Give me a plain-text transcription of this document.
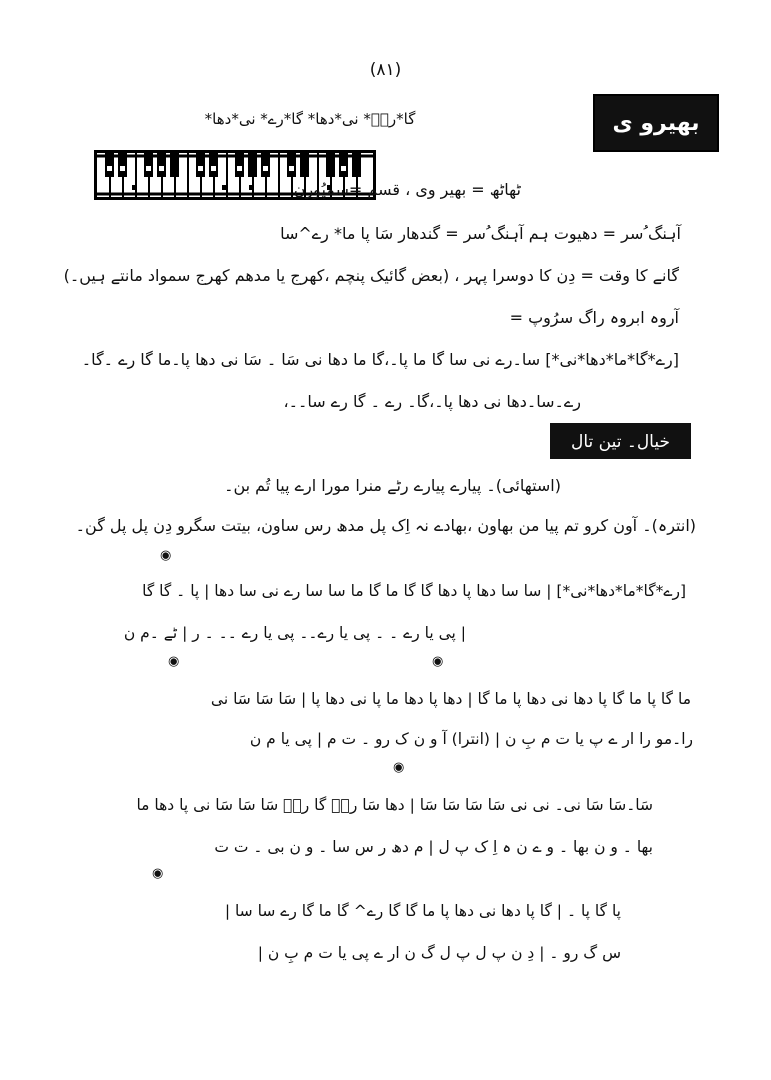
(۸۱)
بھیرو ی
گا*رےؔ* نی*دھا* گا*رے* نی*دھا*
ٹھاٹھ = بھیر وی ، قسم =سمپُورن
آہنگ ُسر = دھیوت ہم آہنگ ُسر = گندھار سَا پا ما* رے^سا
گانے کا وقت = دِن کا دوسرا پہر ، (بعض گائیک پنچم ،کھرج یا مدھم کھرج سمواد مانتے ہیں۔)
آروہ ابروہ راگ سرُوپ =
[رے*گا*ما*دھا*نی*] سا۔رے نی سا گا ما پا۔،گا ما دھا نی سَا ۔ سَا نی دھا پا۔ما گا رے ۔گا۔
رے۔سا۔دھا نی دھا پا۔،گا۔ رے ۔ گا رے سا۔۔،
خیال۔ تین تال
(استھائی)۔ پیارے پیارے رٹے منرا مورا ارے پیا تُم بن۔
(انترہ)۔ آون کرو تم پیا من بھاون ،بھادے نہ اِک پل مدھ رس ساون، بیتت سگرو دِن پل پل گن۔
◉
[رے*گا*ما*دھا*نی*] | سا سا دھا پا دھا گا گا ما گا ما سا سا رے نی سا دھا | پا ۔ گا گا
| پی یا رے ۔ ۔ پی یا رے۔۔ پی یا رے ۔۔ ۔ ر | ٹے ۔م ن
◉	◉
ما گا پا ما گا پا دھا نی دھا پا ما گا | دھا پا دھا ما پا نی دھا پا | سَا سَا سَا نی
را۔مو را ار ے پ یا ت م بِ ن | (انترا) آ و ن ک رو ۔ ت م | پی یا م ن
◉
سَا۔سَا سَا نی۔ نی نی سَا سَا سَا سَا | دھا سَا رےؔ گا رےؔ سَا سَا سَا نی پا دھا ما
بھا ۔ و ن بھا ۔ و ے ن ہ اِ ک پ ل | م دھ ر س سا ۔ و ن بی ۔ ت ت
◉
پا گا پا ۔ | گا پا دھا نی دھا پا ما گا گا رے^ گا ما گا رے سا سا |
س گ رو ۔ | دِ ن پ ل پ ل گ ن ار ے پی یا ت م بِ ن |
